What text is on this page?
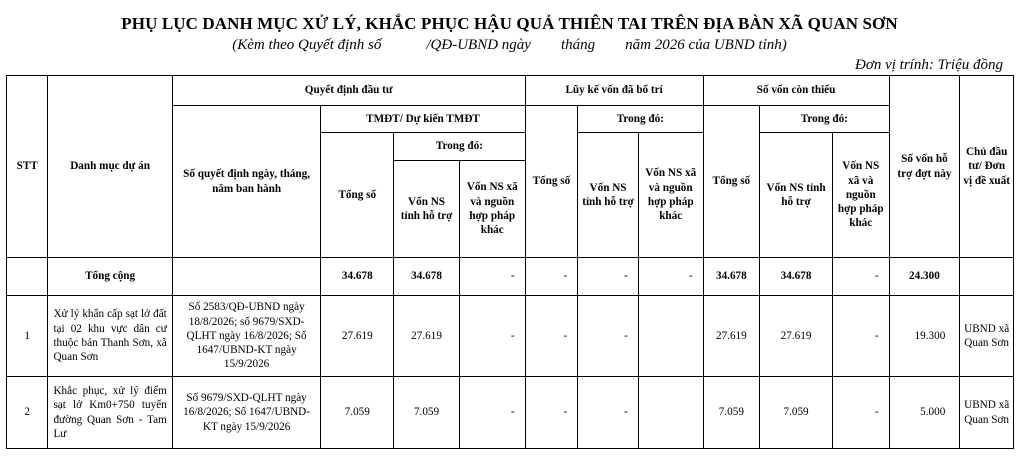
PHỤ LỤC DANH MỤC XỬ LÝ, KHẮC PHỤC HẬU QUẢ THIÊN TAI TRÊN ĐỊA BÀN XÃ QUAN SƠN
(Kèm theo Quyết định số            /QĐ-UBND ngày        tháng        năm 2026 của UBND tỉnh)
Đơn vị trính: Triệu đồng
STT	Danh mục dự án	Quyết định đầu tư				Lũy kế vốn đã bố trí			Số vốn còn thiếu			Số vốn hỗ trợ đợt này	Chủ đầu tư/ Đơn vị đề xuất
		Số quyết định ngày, tháng, năm ban hành	TMĐT/ Dự kiến TMĐT			Tổng số	Trong đó:		Tổng số	Trong đó:			
			Tổng số	Trong đó:			Vốn NS tỉnh hỗ trợ	Vốn NS xã và nguồn hợp pháp khác		Vốn NS tỉnh hỗ trợ	Vốn NS xã và nguồn hợp pháp khác		
				Vốn NS tỉnh hỗ trợ	Vốn NS xã và nguồn hợp pháp khác								
	Tổng cộng		34.678	34.678	-	-	-	-	34.678	34.678	-	24.300	
1	Xử lý khẩn cấp sạt lở đất tại 02 khu vực dân cư thuộc bản Thanh Sơn, xã Quan Sơn	Số 2583/QĐ-UBND ngày 18/8/2026; số 9679/SXD-QLHT ngày 16/8/2026; Số 1647/UBND-KT ngày 15/9/2026	27.619	27.619	-	-	-		27.619	27.619	-	19.300	UBND xã Quan Sơn
2	Khắc phục, xử lý điểm sạt lở Km0+750 tuyến đường Quan Sơn - Tam Lư	Số 9679/SXD-QLHT ngày 16/8/2026; Số 1647/UBND-KT ngày 15/9/2026	7.059	7.059	-	-	-		7.059	7.059	-	5.000	UBND xã Quan Sơn
